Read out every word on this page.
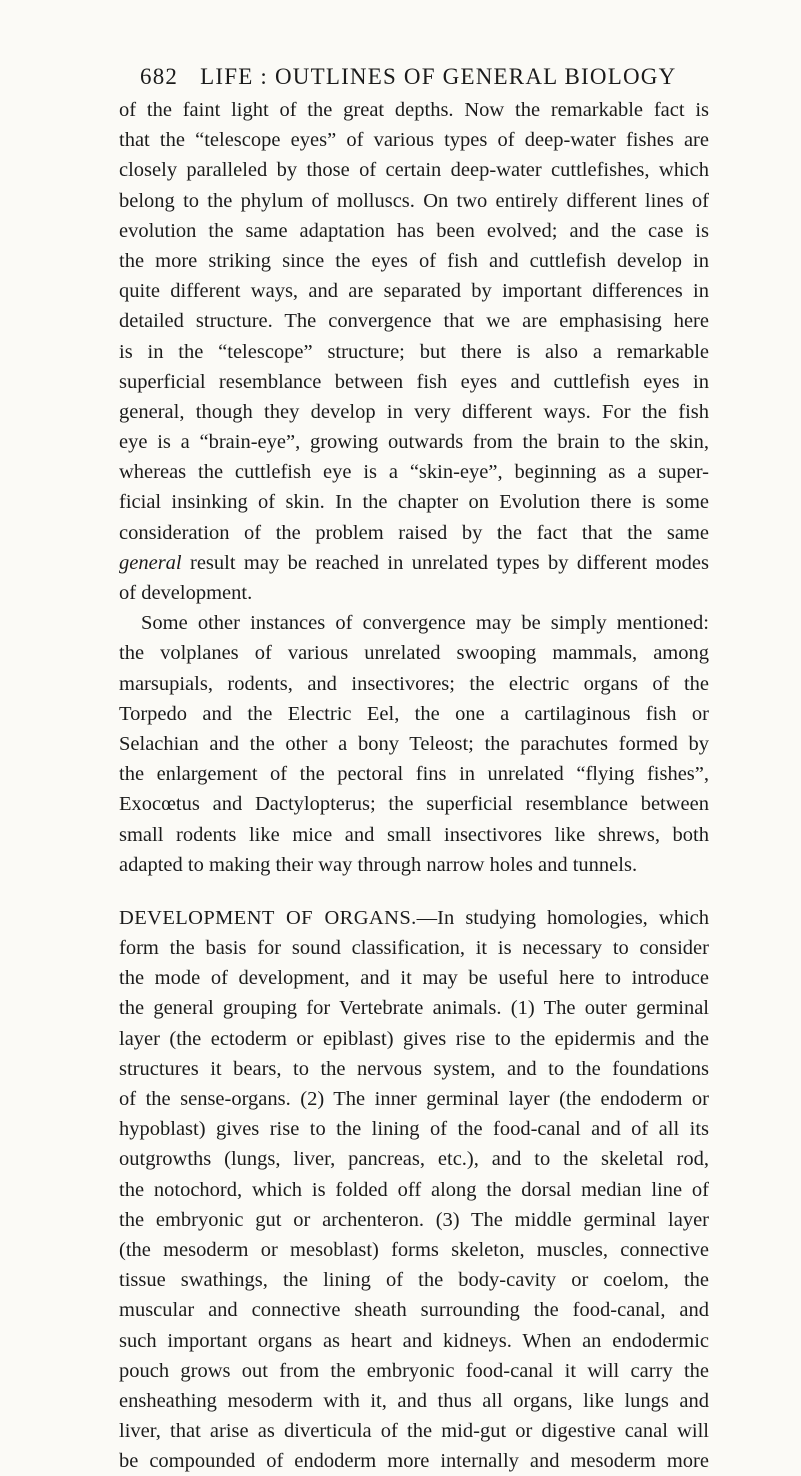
682 LIFE : OUTLINES OF GENERAL BIOLOGY

of the faint light of the great depths. Now the remarkable fact is
that the “telescope eyes” of various types of deep-water fishes are
closely paralleled by those of certain deep-water cuttlefishes, which
belong to the phylum of molluscs. On two entirely different lines of
evolution the same adaptation has been evolved; and the case is
the more striking since the eyes of fish and cuttlefish develop in
quite different ways, and are separated by important differences in
detailed structure. The convergence that we are emphasising here
is in the “telescope” structure; but there is also a remarkable
superficial resemblance between fish eyes and cuttlefish eyes in
general, though they develop in very different ways. For the fish
eye is a “brain-eye”, growing outwards from the brain to the skin,
whereas the cuttlefish eye is a “skin-eye”, beginning as a super-
ficial insinking of skin. In the chapter on Evolution there is some
consideration of the problem raised by the fact that the same
general result may be reached in unrelated types by different modes
of development.

Some other instances of convergence may be simply mentioned:
the volplanes of various unrelated swooping mammals, among
marsupials, rodents, and insectivores; the electric organs of the
Torpedo and the Electric Eel, the one a cartilaginous fish or
Selachian and the other a bony Teleost; the parachutes formed by
the enlargement of the pectoral fins in unrelated “flying fishes”,
Exocœtus and Dactylopterus; the superficial resemblance between
small rodents like mice and small insectivores like shrews, both
adapted to making their way through narrow holes and tunnels.

DEVELOPMENT OF ORGANS.—In studying homologies, which
form the basis for sound classification, it is necessary to consider
the mode of development, and it may be useful here to introduce
the general grouping for Vertebrate animals. (1) The outer germinal
layer (the ectoderm or epiblast) gives rise to the epidermis and the
structures it bears, to the nervous system, and to the foundations
of the sense-organs. (2) The inner germinal layer (the endoderm or
hypoblast) gives rise to the lining of the food-canal and of all its
outgrowths (lungs, liver, pancreas, etc.), and to the skeletal rod,
the notochord, which is folded off along the dorsal median line of
the embryonic gut or archenteron. (3) The middle germinal layer
(the mesoderm or mesoblast) forms skeleton, muscles, connective
tissue swathings, the lining of the body-cavity or coelom, the
muscular and connective sheath surrounding the food-canal, and
such important organs as heart and kidneys. When an endodermic
pouch grows out from the embryonic food-canal it will carry the
ensheathing mesoderm with it, and thus all organs, like lungs and
liver, that arise as diverticula of the mid-gut or digestive canal will
be compounded of endoderm more internally and mesoderm more
